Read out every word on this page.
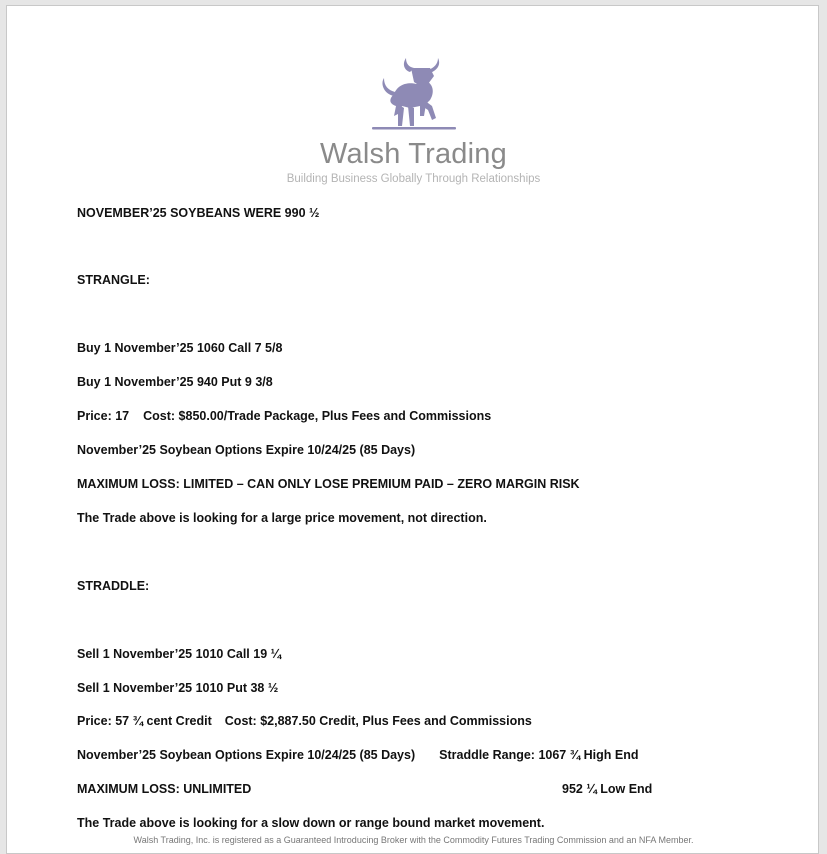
Walsh Trading
Building Business Globally Through Relationships
NOVEMBER’25 SOYBEANS WERE 990 ½
STRANGLE:
Buy 1 November’25 1060 Call 7 5/8
Buy 1 November’25 940 Put 9 3/8
Price: 17 Cost: $850.00/Trade Package, Plus Fees and Commissions
November’25 Soybean Options Expire 10/24/25 (85 Days)
MAXIMUM LOSS: LIMITED – CAN ONLY LOSE PREMIUM PAID – ZERO MARGIN RISK
The Trade above is looking for a large price movement, not direction.
STRADDLE:
Sell 1 November’25 1010 Call 19 ¼
Sell 1 November’25 1010 Put 38 ½
Price: 57 ¾ cent Credit Cost: $2,887.50 Credit, Plus Fees and Commissions
November’25 Soybean Options Expire 10/24/25 (85 Days) Straddle Range: 1067 ¾ High End
MAXIMUM LOSS: UNLIMITED	952 ¼ Low End
The Trade above is looking for a slow down or range bound market movement.
Walsh Trading, Inc. is registered as a Guaranteed Introducing Broker with the Commodity Futures Trading Commission and an NFA Member.
